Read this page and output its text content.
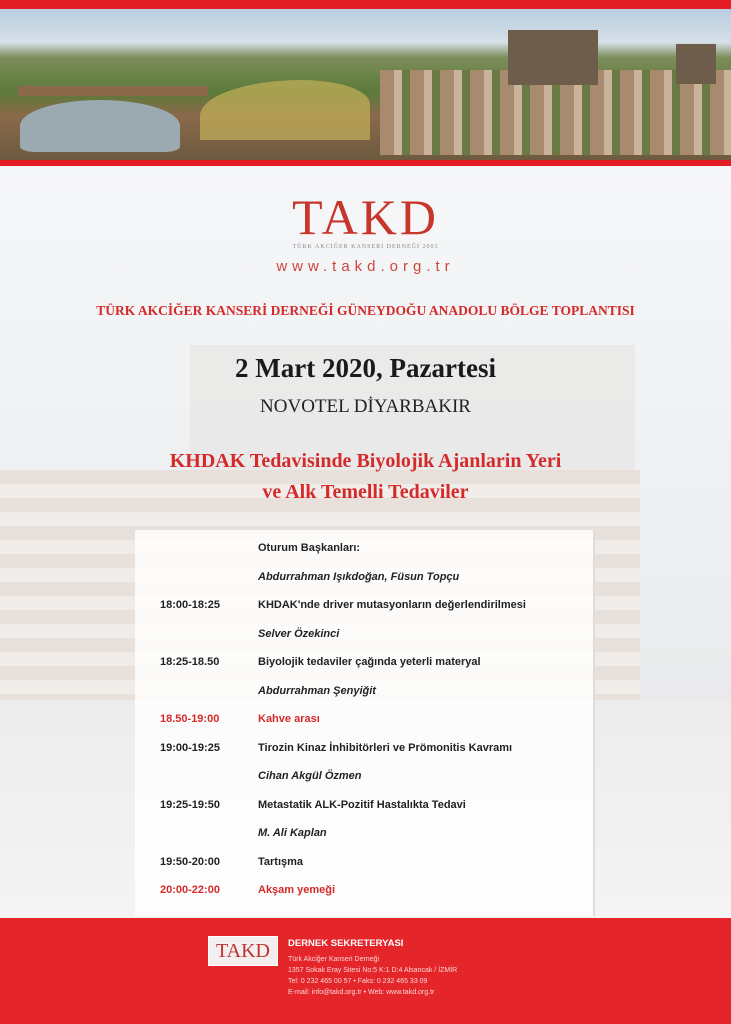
TAKD
TÜRK AKCİĞER KANSERİ DERNEĞİ 2003
www.takd.org.tr
TÜRK AKCİĞER KANSERİ DERNEĞİ GÜNEYDOĞU ANADOLU BÖLGE TOPLANTISI
2 Mart 2020, Pazartesi
NOVOTEL DİYARBAKIR
KHDAK Tedavisinde Biyolojik Ajanlarin Yeri
ve Alk Temelli Tedaviler
Oturum Başkanları:
Abdurrahman Işıkdoğan, Füsun Topçu
18:00-18:25	KHDAK'nde driver mutasyonların değerlendirilmesi
Selver Özekinci
18:25-18.50	Biyolojik tedaviler çağında yeterli materyal
Abdurrahman Şenyiğit
18.50-19:00	Kahve arası
19:00-19:25	Tirozin Kinaz İnhibitörleri ve Prömonitis Kavramı
Cihan Akgül Özmen
19:25-19:50	Metastatik ALK-Pozitif Hastalıkta Tedavi
M. Ali Kaplan
19:50-20:00	Tartışma
20:00-22:00	Akşam yemeği
TAKD	DERNEK SEKRETERYASI
Türk Akciğer Kanseri Derneği
1357 Sokak Eray Sitesi No:5 K:1 D:4 Alsancak / İZMİR
Tel: 0 232 465 00 57 • Faks: 0 232 465 33 09
E-mail: info@takd.org.tr • Web: www.takd.org.tr
